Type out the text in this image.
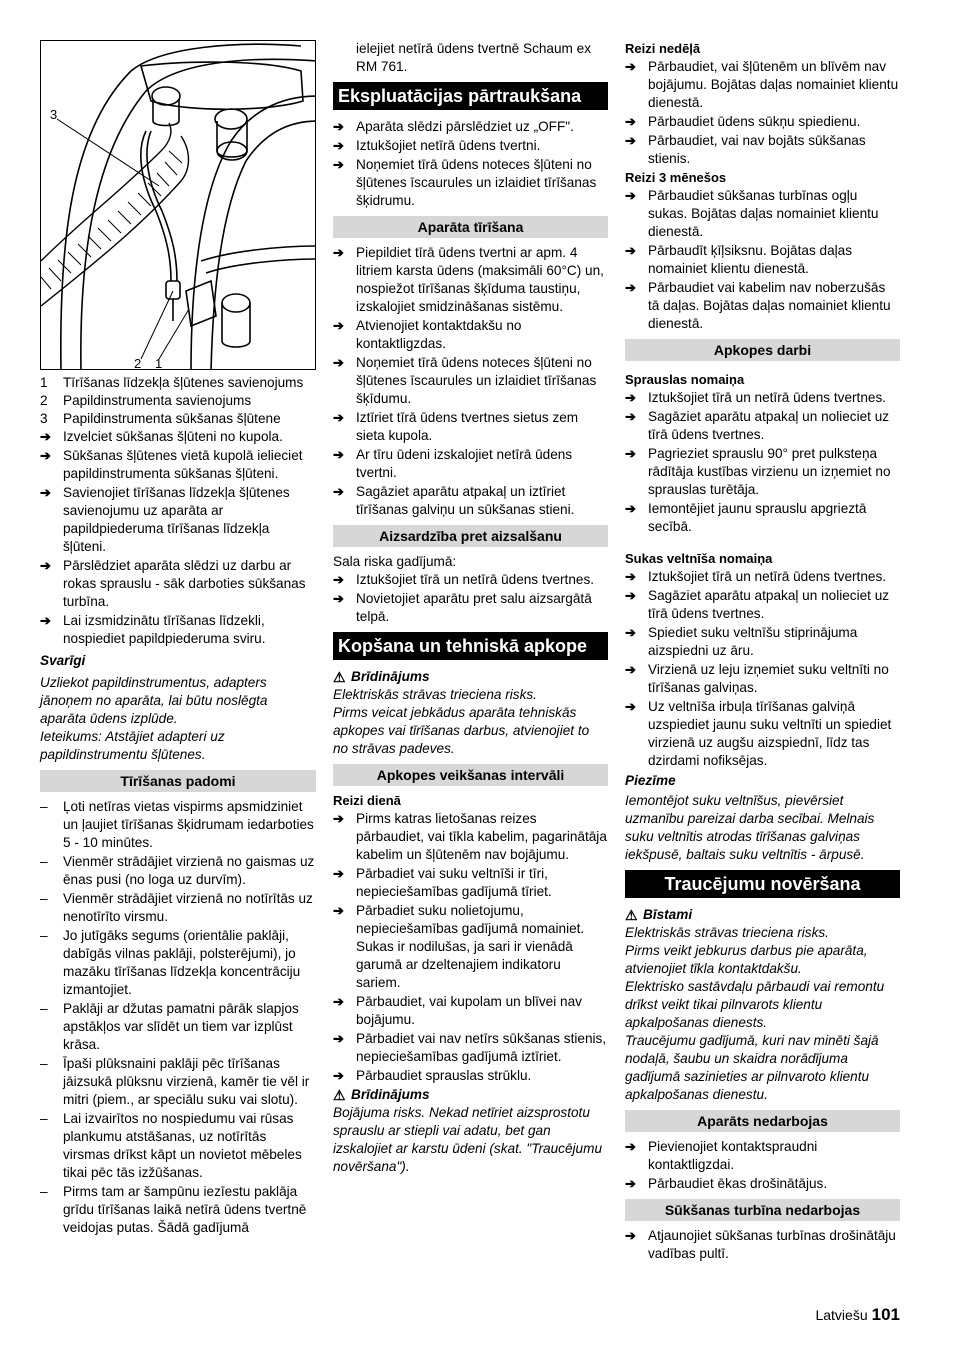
3
2 1
1	Tīrīšanas līdzekļa šļūtenes savienojums
2	Papildinstrumenta savienojums
3	Papildinstrumenta sūkšanas šļūtene
➔ Izvelciet sūkšanas šļūteni no kupola.
➔ Sūkšanas šļūtenes vietā kupolā ielieciet papildinstrumenta sūkšanas šļūteni.
➔ Savienojiet tīrīšanas līdzekļa šļūtenes savienojumu uz aparāta ar papildpiederuma tīrīšanas līdzekļa šļūteni.
➔ Pārslēdziet aparāta slēdzi uz darbu ar rokas sprauslu - sāk darboties sūkšanas turbīna.
➔ Lai izsmidzinātu tīrīšanas līdzekli, nospiediet papildpiederuma sviru.

Svarīgi

Uzliekot papildinstrumentus, adapters jānoņem no aparāta, lai būtu noslēgta aparāta ūdens izplūde.

Ieteikums: Atstājiet adapteri uz papildinstrumentu šļūtenes.

Tīrīšanas padomi
–	Ļoti netīras vietas vispirms apsmidziniet un ļaujiet tīrīšanas šķidrumam iedarboties 5 - 10 minūtes.
–	Vienmēr strādājiet virzienā no gaismas uz ēnas pusi (no loga uz durvīm).
–	Vienmēr strādājiet virzienā no notīrītās uz nenotīrīto virsmu.
–	Jo jutīgāks segums (orientālie paklāji, dabīgās vilnas paklāji, polsterējumi), jo mazāku tīrīšanas līdzekļa koncentrāciju izmantojiet.
–	Paklāji ar džutas pamatni pārāk slapjos apstākļos var slīdēt un tiem var izplūst krāsa.
–	Īpaši plūksnaini paklāji pēc tīrīšanas jāizsukā plūksnu virzienā, kamēr tie vēl ir mitri (piem., ar speciālu suku vai slotu).
–	Lai izvairītos no nospiedumu vai rūsas plankumu atstāšanas, uz notīrītās virsmas drīkst kāpt un novietot mēbeles tikai pēc tās izžūšanas.
–	Pirms tam ar šampūnu iezīestu paklāja grīdu tīrīšanas laikā netīrā ūdens tvertnē veidojas putas. Šādā gadījumā

ielejiet netīrā ūdens tvertnē Schaum ex RM 761.

Ekspluatācijas pārtraukšana
➔ Aparāta slēdzi pārslēdziet uz „OFF".
➔ Iztukšojiet netīrā ūdens tvertni.
➔ Noņemiet tīrā ūdens noteces šļūteni no šļūtenes īscaurules un izlaidiet tīrīšanas šķidrumu.
Aparāta tīrīšana
➔ Piepildiet tīrā ūdens tvertni ar apm. 4 litriem karsta ūdens (maksimāli 60°C) un, nospiežot tīrīšanas šķīduma taustiņu, izskalojiet smidzināšanas sistēmu.
➔ Atvienojiet kontaktdakšu no kontaktligzdas.
➔ Noņemiet tīrā ūdens noteces šļūteni no šļūtenes īscaurules un izlaidiet tīrīšanas šķīdumu.
➔ Iztīriet tīrā ūdens tvertnes sietus zem sieta kupola.
➔ Ar tīru ūdeni izskalojiet netīrā ūdens tvertni.
➔ Sagāziet aparātu atpakaļ un iztīriet tīrīšanas galviņu un sūkšanas stieni.
Aizsardzība pret aizsalšanu

Sala riska gadījumā:

➔ Iztukšojiet tīrā un netīrā ūdens tvertnes.
➔ Novietojiet aparātu pret salu aizsargātā telpā.
Kopšana un tehniskā apkope
⚠ Brīdinājums

Elektriskās strāvas trieciena risks.

Pirms veicat jebkādus aparāta tehniskās apkopes vai tīrīšanas darbus, atvienojiet to no strāvas padeves.

Apkopes veikšanas intervāli

Reizi dienā

➔ Pirms katras lietošanas reizes pārbaudiet, vai tīkla kabelim, pagarinātāja kabelim un šļūtenēm nav bojājumu.
➔ Pārbadiet vai suku veltnīši ir tīri, nepieciešamības gadījumā tīriet.
➔ Pārbadiet suku nolietojumu, nepieciešamības gadījumā nomainiet. Sukas ir nodilušas, ja sari ir vienādā garumā ar dzeltenajiem indikatoru sariem.
➔ Pārbaudiet, vai kupolam un blīvei nav bojājumu.
➔ Pārbadiet vai nav netīrs sūkšanas stienis, nepieciešamības gadījumā iztīriet.
➔ Pārbaudiet sprauslas strūklu.
⚠ Brīdinājums

Bojājuma risks. Nekad netīriet aizsprostotu sprauslu ar stiepli vai adatu, bet gan izskalojiet ar karstu ūdeni (skat. "Traucējumu novēršana").

Reizi nedēļā

➔ Pārbaudiet, vai šļūtenēm un blīvēm nav bojājumu. Bojātas daļas nomainiet klientu dienestā.
➔ Pārbaudiet ūdens sūkņu spiedienu.
➔ Pārbaudiet, vai nav bojāts sūkšanas stienis.

Reizi 3 mēnešos

➔ Pārbaudiet sūkšanas turbīnas ogļu sukas. Bojātas daļas nomainiet klientu dienestā.
➔ Pārbaudīt ķīļsiksnu. Bojātas daļas nomainiet klientu dienestā.
➔ Pārbaudiet vai kabelim nav noberzušās tā daļas. Bojātas daļas nomainiet klientu dienestā.
Apkopes darbi

Sprauslas nomaiņa

➔ Iztukšojiet tīrā un netīrā ūdens tvertnes.
➔ Sagāziet aparātu atpakaļ un nolieciet uz tīrā ūdens tvertnes.
➔ Pagrieziet sprauslu 90° pret pulksteņa rādītāja kustības virzienu un izņemiet no sprauslas turētāja.
➔ Iemontējiet jaunu sprauslu apgrieztā secībā.

Sukas veltnīša nomaiņa

➔ Iztukšojiet tīrā un netīrā ūdens tvertnes.
➔ Sagāziet aparātu atpakaļ un nolieciet uz tīrā ūdens tvertnes.
➔ Spiediet suku veltnīšu stiprinājuma aizspiedni uz āru.
➔ Virzienā uz leju izņemiet suku veltnīti no tīrīšanas galviņas.
➔ Uz veltnīša irbuļa tīrīšanas galviņā uzspiediet jaunu suku veltnīti un spiediet virzienā uz augšu aizspiednī, līdz tas dzirdami nofiksējas.

Piezīme

Iemontējot suku veltnīšus, pievērsiet uzmanību pareizai darba secībai. Melnais suku veltnītis atrodas tīrīšanas galviņas iekšpusē, baltais suku veltnītis - ārpusē.

Traucējumu novēršana
⚠ Bīstami

Elektriskās strāvas trieciena risks.

Pirms veikt jebkurus darbus pie aparāta, atvienojiet tīkla kontaktdakšu.

Elektrisko sastāvdaļu pārbaudi vai remontu drīkst veikt tikai pilnvarots klientu apkalpošanas dienests.

Traucējumu gadījumā, kuri nav minēti šajā nodaļā, šaubu un skaidra norādījuma gadījumā sazinieties ar pilnvaroto klientu apkalpošanas dienestu.

Aparāts nedarbojas
➔ Pievienojiet kontaktspraudni kontaktligzdai.
➔ Pārbaudiet ēkas drošinātājus.
Sūkšanas turbīna nedarbojas
➔ Atjaunojiet sūkšanas turbīnas drošinātāju vadības pultī.
Latviešu 101
